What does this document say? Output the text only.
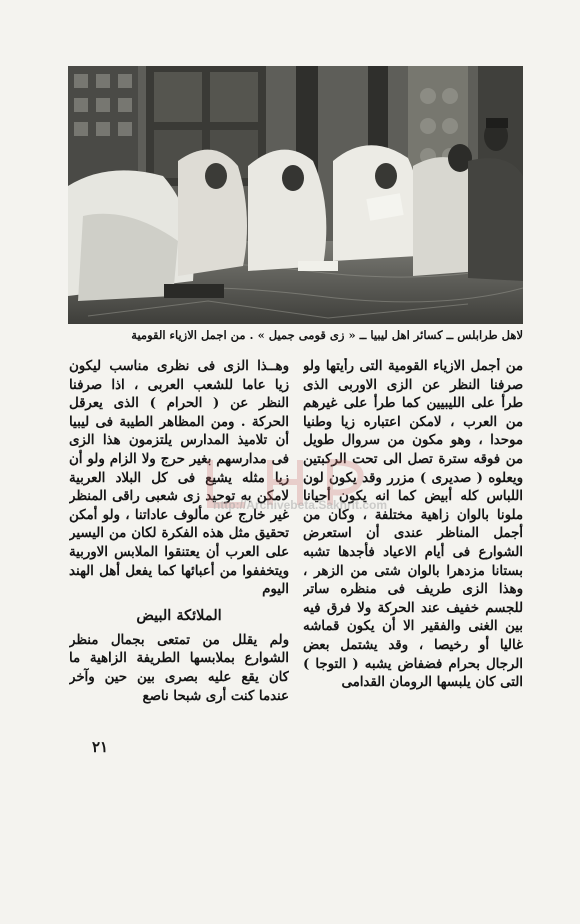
لاهل طرابلس ــ كسائر اهل ليبيا ــ « زى قومى جميل » . من اجمل الازياء القومية

من أجمل الازياء القومية التى رأيتها ولو صرفنا النظر عن الزى الاوربى الذى طرأ على الليبيين كما طرأ على غيرهم من العرب ، لامكن اعتباره زيا وطنيا موحدا ، وهو مكون من سروال طويل من فوقه سترة تصل الى تحت الركبتين ويعلوه ( صديرى ) مزرر وقد يكون لون اللباس كله أبيض كما انه يكون أحيانا ملونا بالوان زاهية مختلفة ، وكان من أجمل المناظر عندى أن استعرض الشوارع فى أيام الاعياد فأجدها تشبه بستانا مزدهرا بالوان شتى من الزهر ، وهذا الزى طريف فى منظره ساتر للجسم خفيف عند الحركة ولا فرق فيه بين الغنى والفقير الا أن يكون قماشه غاليا أو رخيصا ، وقد يشتمل بعض الرجال بحرام فضفاض يشبه ( التوجا ) التى كان يلبسها الرومان القدامى

وهــذا الزى فى نظرى مناسب ليكون زيا عاما للشعب العربى ، اذا صرفنا النظر عن ( الحرام ) الذى يعرقل الحركة . ومن المظاهر الطيبة فى ليبيا أن تلاميذ المدارس يلتزمون هذا الزى فى مدارسهم بغير حرج ولا الزام ولو أن زيا مثله يشيع فى كل البلاد العربية لامكن به توحيد زى شعبى راقى المنظر غير خارج عن مألوف عاداتنا ، ولو أمكن تحقيق مثل هذه الفكرة لكان من اليسير على العرب أن يعتنقوا الملابس الاوربية ويتخففوا من أعبائها كما يفعل أهل الهند اليوم

الملائكة البيض

ولم يقلل من تمتعى بجمال منظر الشوارع بملابسها الطريفة الزاهية ما كان يقع عليه بصرى بين حين وآخر عندما كنت أرى شبحا ناصع

http://Archivebeta.Sakhrit.com
٢١
